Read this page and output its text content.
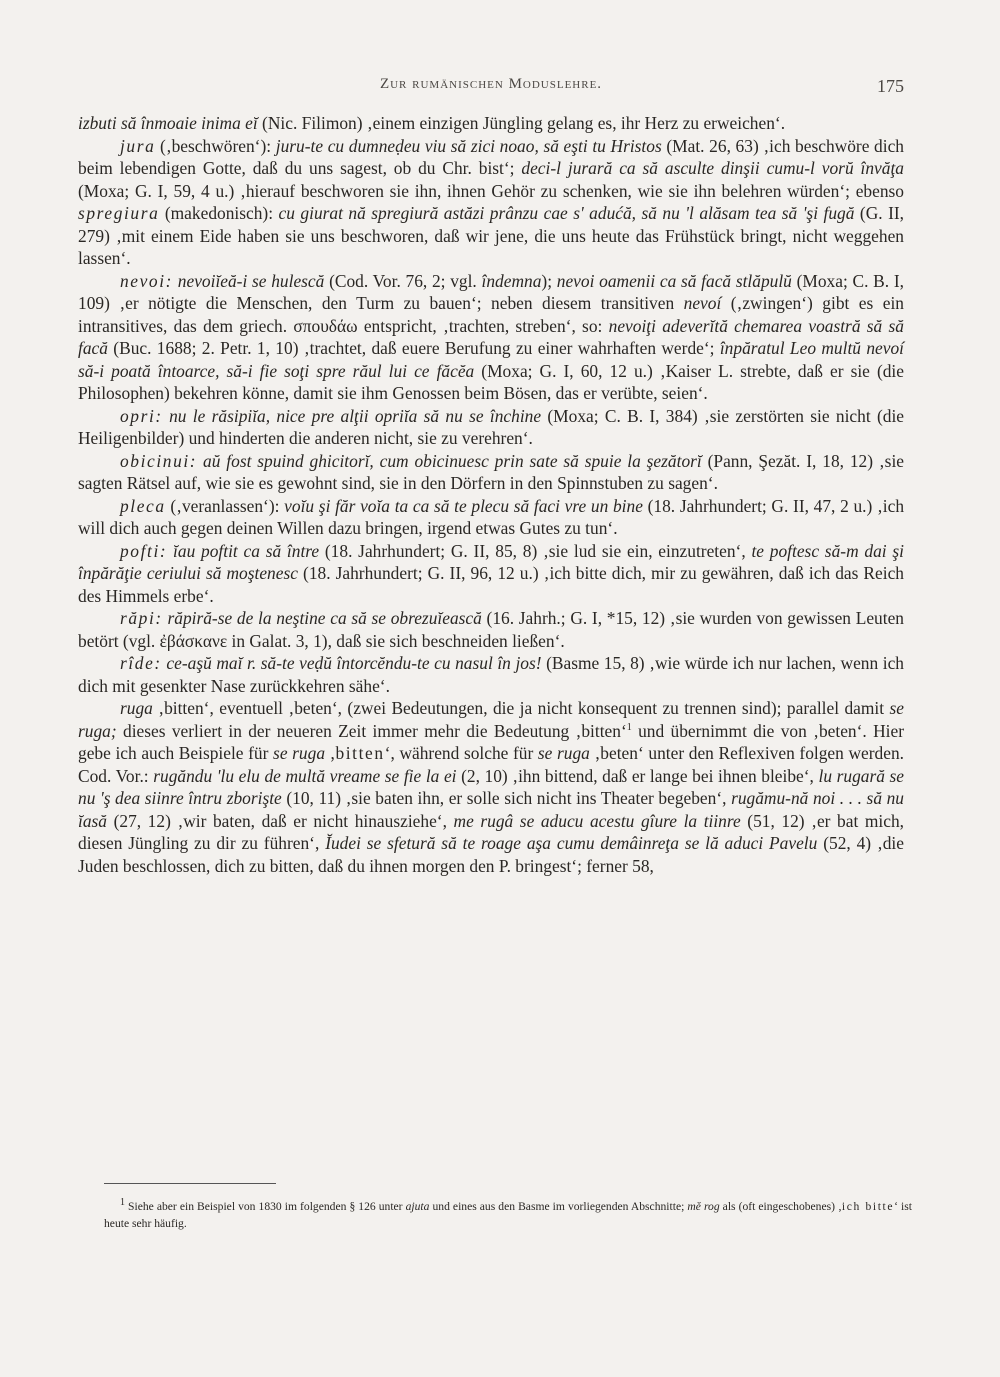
Zur rumänischen Moduslehre.	175

izbuti să înmoaie inima eĭ (Nic. Filimon) ‚einem einzigen Jüngling gelang es, ihr Herz zu erweichen‘.

jura (‚beschwören‘): juru-te cu dumneḍeu viu să zici noao, să eşti tu Hristos (Mat. 26, 63) ‚ich beschwöre dich beim lebendigen Gotte, daß du uns sagest, ob du Chr. bist‘; deci-l jurară ca să asculte dinşii cumu-l vorŭ învăţa (Moxa; G. I, 59, 4 u.) ‚hierauf beschworen sie ihn, ihnen Gehör zu schenken, wie sie ihn belehren würden‘; ebenso spregiura (makedonisch): cu giurat nă spregiură astăzi prânzu cae s' adućă, să nu 'l alăsam tea să 'şi fugă (G. II, 279) ‚mit einem Eide haben sie uns beschworen, daß wir jene, die uns heute das Frühstück bringt, nicht weggehen lassen‘.

nevoi: nevoiĭeă-i se hulescă (Cod. Vor. 76, 2; vgl. îndemna); nevoi oamenii ca să facă stlăpulŭ (Moxa; C. B. I, 109) ‚er nötigte die Menschen, den Turm zu bauen‘; neben diesem transitiven nevoí (‚zwingen‘) gibt es ein intransitives, das dem griech. σπουδάω entspricht, ‚trachten, streben‘, so: nevoiţi adeverĭtă chemarea voastră să să facă (Buc. 1688; 2. Petr. 1, 10) ‚trachtet, daß euere Berufung zu einer wahrhaften werde‘; înpăratul Leo multŭ nevoí să-i poată întoarce, să-i fie soţi spre răul lui ce făcĕa (Moxa; G. I, 60, 12 u.) ‚Kaiser L. strebte, daß er sie (die Philosophen) bekehren könne, damit sie ihm Genossen beim Bösen, das er verübte, seien‘.

opri: nu le răsipiĭa, nice pre alţii opriĭa să nu se închine (Moxa; C. B. I, 384) ‚sie zerstörten sie nicht (die Heiligenbilder) und hinderten die anderen nicht, sie zu verehren‘.

obicinui: aŭ fost spuind ghicitorĭ, cum obicinuesc prin sate să spuie la şezătorĭ (Pann, Şezăt. I, 18, 12) ‚sie sagten Rätsel auf, wie sie es gewohnt sind, sie in den Dörfern in den Spinnstuben zu sagen‘.

pleca (‚veranlassen‘): voĭu şi făr voĭa ta ca să te plecu să faci vre un bine (18. Jahrhundert; G. II, 47, 2 u.) ‚ich will dich auch gegen deinen Willen dazu bringen, irgend etwas Gutes zu tun‘.

pofti: ĭau poftit ca să între (18. Jahrhundert; G. II, 85, 8) ‚sie lud sie ein, einzutreten‘, te poftesc să-m dai şi înpărăţie ceriului să moştenesc (18. Jahrhundert; G. II, 96, 12 u.) ‚ich bitte dich, mir zu gewähren, daß ich das Reich des Himmels erbe‘.

răpi: răpiră-se de la neştine ca să se obrezuĭească (16. Jahrh.; G. I, *15, 12) ‚sie wurden von gewissen Leuten betört (vgl. ἐβάσκανε in Galat. 3, 1), daß sie sich beschneiden ließen‘.

rîde: ce-aşŭ maĭ r. să-te veḍŭ întorcĕndu-te cu nasul în jos! (Basme 15, 8) ‚wie würde ich nur lachen, wenn ich dich mit gesenkter Nase zurückkehren sähe‘.

ruga ‚bitten‘, eventuell ‚beten‘, (zwei Bedeutungen, die ja nicht konsequent zu trennen sind); parallel damit se ruga; dieses verliert in der neueren Zeit immer mehr die Bedeutung ‚bitten‘$^1$ und übernimmt die von ‚beten‘. Hier gebe ich auch Beispiele für se ruga ‚bitten‘, während solche für se ruga ‚beten‘ unter den Reflexiven folgen werden. Cod. Vor.: rugăndu 'lu elu de multă vreame se fie la ei (2, 10) ‚ihn bittend, daß er lange bei ihnen bleibe‘, lu rugară se nu 'ş dea siinre întru zborişte (10, 11) ‚sie baten ihn, er solle sich nicht ins Theater begeben‘, rugămu-nă noi . . . să nu ĭasă (27, 12) ‚wir baten, daß er nicht hinausziehe‘, me rugâ se aducu acestu gîure la tiinre (51, 12) ‚er bat mich, diesen Jüngling zu dir zu führen‘, Ĭudei se sfetură să te roage aşa cumu demâinreţa se lă aduci Pavelu (52, 4) ‚die Juden beschlossen, dich zu bitten, daß du ihnen morgen den P. bringest‘; ferner 58,

$^1$ Siehe aber ein Beispiel von 1830 im folgenden § 126 unter ajuta und eines aus den Basme im vorliegenden Abschnitte; mĕ rog als (oft eingeschobenes) ‚ich bitte‘ ist heute sehr häufig.
